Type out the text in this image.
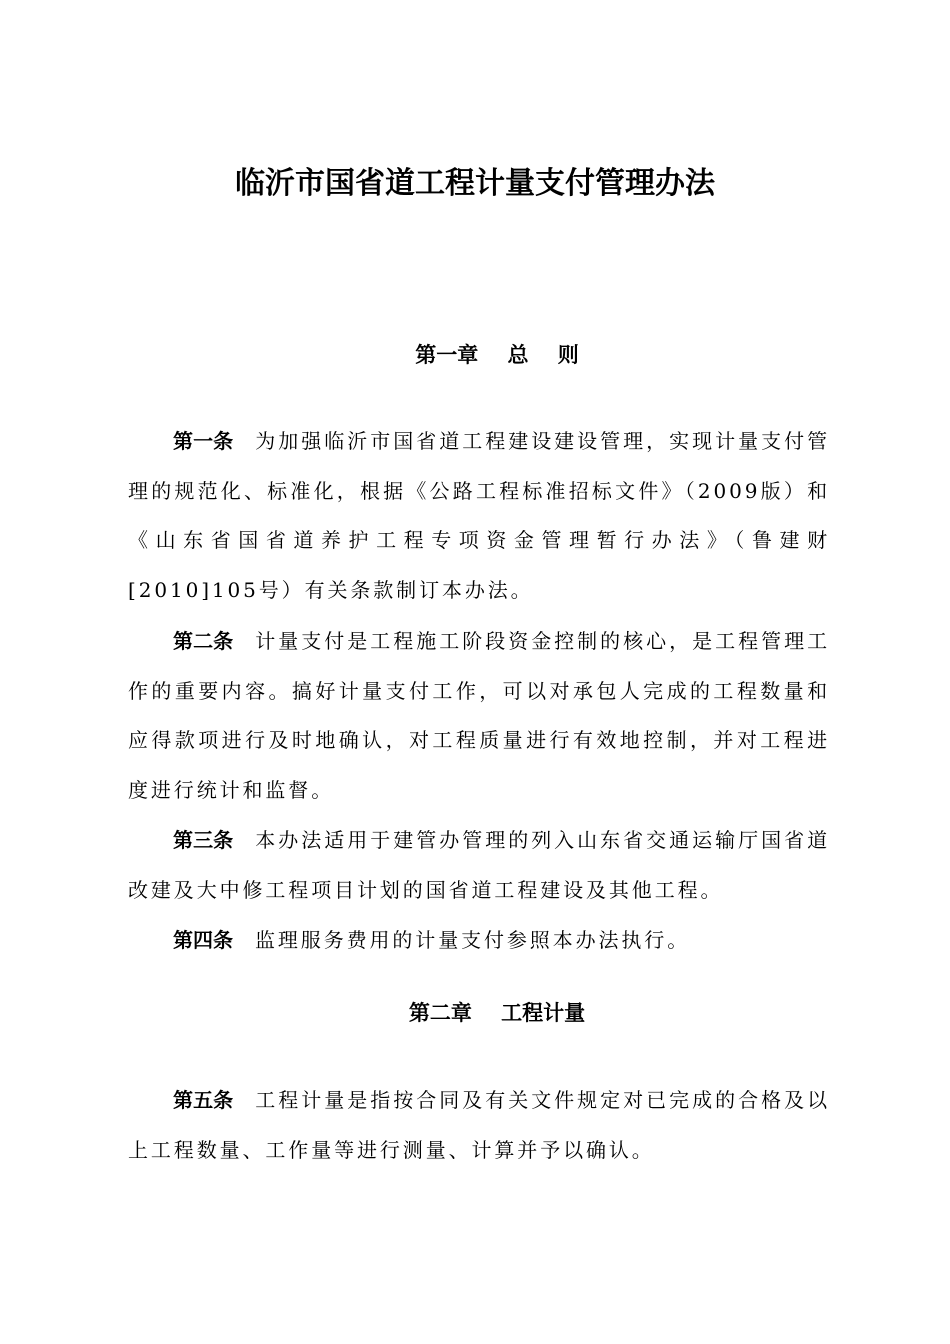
临沂市国省道工程计量支付管理办法
第一章    总    则

第一条 为加强临沂市国省道工程建设建设管理，实现计量支付管理的规范化、标准化，根据《公路工程标准招标文件》（2009版）和《山东省国省道养护工程专项资金管理暂行办法》（鲁建财[2010]105号）有关条款制订本办法。

第二条 计量支付是工程施工阶段资金控制的核心，是工程管理工作的重要内容。搞好计量支付工作，可以对承包人完成的工程数量和应得款项进行及时地确认，对工程质量进行有效地控制，并对工程进度进行统计和监督。

第三条 本办法适用于建管办管理的列入山东省交通运输厅国省道改建及大中修工程项目计划的国省道工程建设及其他工程。

第四条 监理服务费用的计量支付参照本办法执行。

第二章    工程计量

第五条 工程计量是指按合同及有关文件规定对已完成的合格及以上工程数量、工作量等进行测量、计算并予以确认。
